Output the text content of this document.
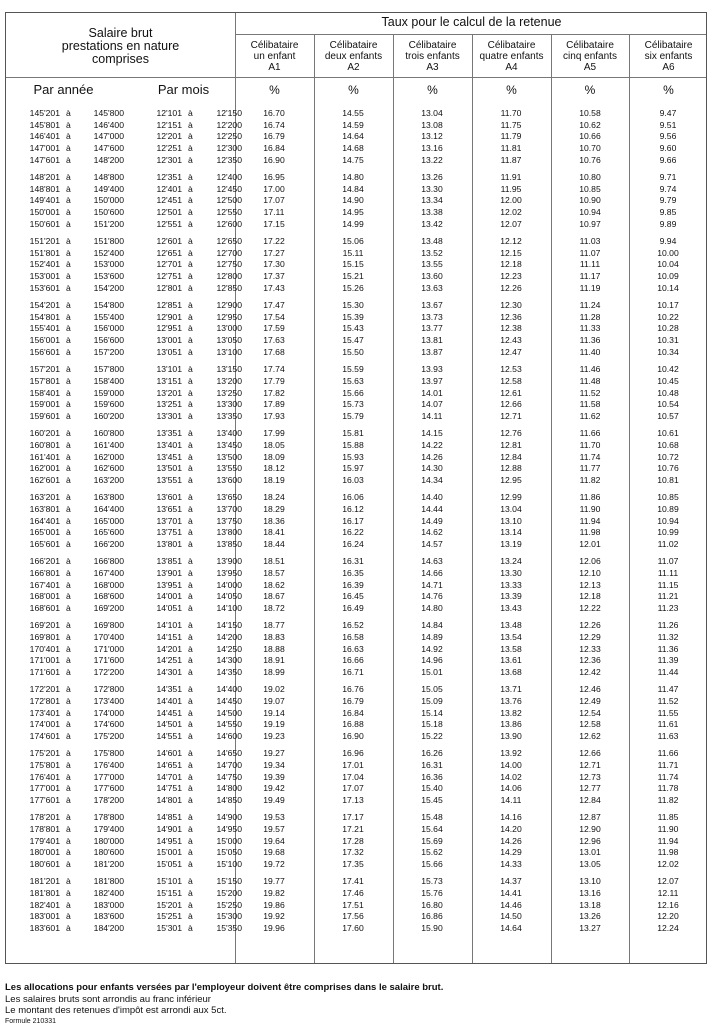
Salaire brut
prestations en nature
comprises
Par année	Par mois
Taux pour le calcul de la retenue
Célibataire
un enfant
A1
Célibataire
deux enfants
A2
Célibataire
trois enfants
A3
Célibataire
quatre enfants
A4
Célibataire
cinq enfants
A5
Célibataire
six enfants
A6
%	%	%	%	%	%
145'201 à	145'800	12'101 à	12'150	16.70	14.55	13.04	11.70	10.58	9.47
145'801 à	146'400	12'151 à	12'200	16.74	14.59	13.08	11.75	10.62	9.51
146'401 à	147'000	12'201 à	12'250	16.79	14.64	13.12	11.79	10.66	9.56
147'001 à	147'600	12'251 à	12'300	16.84	14.68	13.16	11.81	10.70	9.60
147'601 à	148'200	12'301 à	12'350	16.90	14.75	13.22	11.87	10.76	9.66
148'201 à	148'800	12'351 à	12'400	16.95	14.80	13.26	11.91	10.80	9.71
148'801 à	149'400	12'401 à	12'450	17.00	14.84	13.30	11.95	10.85	9.74
149'401 à	150'000	12'451 à	12'500	17.07	14.90	13.34	12.00	10.90	9.79
150'001 à	150'600	12'501 à	12'550	17.11	14.95	13.38	12.02	10.94	9.85
150'601 à	151'200	12'551 à	12'600	17.15	14.99	13.42	12.07	10.97	9.89
151'201 à	151'800	12'601 à	12'650	17.22	15.06	13.48	12.12	11.03	9.94
151'801 à	152'400	12'651 à	12'700	17.27	15.11	13.52	12.15	11.07	10.00
152'401 à	153'000	12'701 à	12'750	17.30	15.15	13.55	12.18	11.11	10.04
153'001 à	153'600	12'751 à	12'800	17.37	15.21	13.60	12.23	11.17	10.09
153'601 à	154'200	12'801 à	12'850	17.43	15.26	13.63	12.26	11.19	10.14
154'201 à	154'800	12'851 à	12'900	17.47	15.30	13.67	12.30	11.24	10.17
154'801 à	155'400	12'901 à	12'950	17.54	15.39	13.73	12.36	11.28	10.22
155'401 à	156'000	12'951 à	13'000	17.59	15.43	13.77	12.38	11.33	10.28
156'001 à	156'600	13'001 à	13'050	17.63	15.47	13.81	12.43	11.36	10.31
156'601 à	157'200	13'051 à	13'100	17.68	15.50	13.87	12.47	11.40	10.34
157'201 à	157'800	13'101 à	13'150	17.74	15.59	13.93	12.53	11.46	10.42
157'801 à	158'400	13'151 à	13'200	17.79	15.63	13.97	12.58	11.48	10.45
158'401 à	159'000	13'201 à	13'250	17.82	15.66	14.01	12.61	11.52	10.48
159'001 à	159'600	13'251 à	13'300	17.89	15.73	14.07	12.66	11.58	10.54
159'601 à	160'200	13'301 à	13'350	17.93	15.79	14.11	12.71	11.62	10.57
160'201 à	160'800	13'351 à	13'400	17.99	15.81	14.15	12.76	11.66	10.61
160'801 à	161'400	13'401 à	13'450	18.05	15.88	14.22	12.81	11.70	10.68
161'401 à	162'000	13'451 à	13'500	18.09	15.93	14.26	12.84	11.74	10.72
162'001 à	162'600	13'501 à	13'550	18.12	15.97	14.30	12.88	11.77	10.76
162'601 à	163'200	13'551 à	13'600	18.19	16.03	14.34	12.95	11.82	10.81
163'201 à	163'800	13'601 à	13'650	18.24	16.06	14.40	12.99	11.86	10.85
163'801 à	164'400	13'651 à	13'700	18.29	16.12	14.44	13.04	11.90	10.89
164'401 à	165'000	13'701 à	13'750	18.36	16.17	14.49	13.10	11.94	10.94
165'001 à	165'600	13'751 à	13'800	18.41	16.22	14.62	13.14	11.98	10.99
165'601 à	166'200	13'801 à	13'850	18.44	16.24	14.57	13.19	12.01	11.02
166'201 à	166'800	13'851 à	13'900	18.51	16.31	14.63	13.24	12.06	11.07
166'801 à	167'400	13'901 à	13'950	18.57	16.35	14.66	13.30	12.10	11.11
167'401 à	168'000	13'951 à	14'000	18.62	16.39	14.71	13.33	12.13	11.15
168'001 à	168'600	14'001 à	14'050	18.67	16.45	14.76	13.39	12.18	11.21
168'601 à	169'200	14'051 à	14'100	18.72	16.49	14.80	13.43	12.22	11.23
169'201 à	169'800	14'101 à	14'150	18.77	16.52	14.84	13.48	12.26	11.26
169'801 à	170'400	14'151 à	14'200	18.83	16.58	14.89	13.54	12.29	11.32
170'401 à	171'000	14'201 à	14'250	18.88	16.63	14.92	13.58	12.33	11.36
171'001 à	171'600	14'251 à	14'300	18.91	16.66	14.96	13.61	12.36	11.39
171'601 à	172'200	14'301 à	14'350	18.99	16.71	15.01	13.68	12.42	11.44
172'201 à	172'800	14'351 à	14'400	19.02	16.76	15.05	13.71	12.46	11.47
172'801 à	173'400	14'401 à	14'450	19.07	16.79	15.09	13.76	12.49	11.52
173'401 à	174'000	14'451 à	14'500	19.14	16.84	15.14	13.82	12.54	11.55
174'001 à	174'600	14'501 à	14'550	19.19	16.88	15.18	13.86	12.58	11.61
174'601 à	175'200	14'551 à	14'600	19.23	16.90	15.22	13.90	12.62	11.63
175'201 à	175'800	14'601 à	14'650	19.27	16.96	16.26	13.92	12.66	11.66
175'801 à	176'400	14'651 à	14'700	19.34	17.01	16.31	14.00	12.71	11.71
176'401 à	177'000	14'701 à	14'750	19.39	17.04	16.36	14.02	12.73	11.74
177'001 à	177'600	14'751 à	14'800	19.42	17.07	15.40	14.06	12.77	11.78
177'601 à	178'200	14'801 à	14'850	19.49	17.13	15.45	14.11	12.84	11.82
178'201 à	178'800	14'851 à	14'900	19.53	17.17	15.48	14.16	12.87	11.85
178'801 à	179'400	14'901 à	14'950	19.57	17.21	15.64	14.20	12.90	11.90
179'401 à	180'000	14'951 à	15'000	19.64	17.28	15.69	14.26	12.96	11.94
180'001 à	180'600	15'001 à	15'050	19.68	17.32	15.62	14.29	13.01	11.98
180'601 à	181'200	15'051 à	15'100	19.72	17.35	15.66	14.33	13.05	12.02
181'201 à	181'800	15'101 à	15'150	19.77	17.41	15.73	14.37	13.10	12.07
181'801 à	182'400	15'151 à	15'200	19.82	17.46	15.76	14.41	13.16	12.11
182'401 à	183'000	15'201 à	15'250	19.86	17.51	16.80	14.46	13.18	12.16
183'001 à	183'600	15'251 à	15'300	19.92	17.56	16.86	14.50	13.26	12.20
183'601 à	184'200	15'301 à	15'350	19.96	17.60	15.90	14.64	13.27	12.24
Les allocations pour enfants versées par l'employeur doivent être comprises dans le salaire brut.
Les salaires bruts sont arrondis au franc inférieur
Le montant des retenues d'impôt est arrondi aux 5ct.
Formule 210331
